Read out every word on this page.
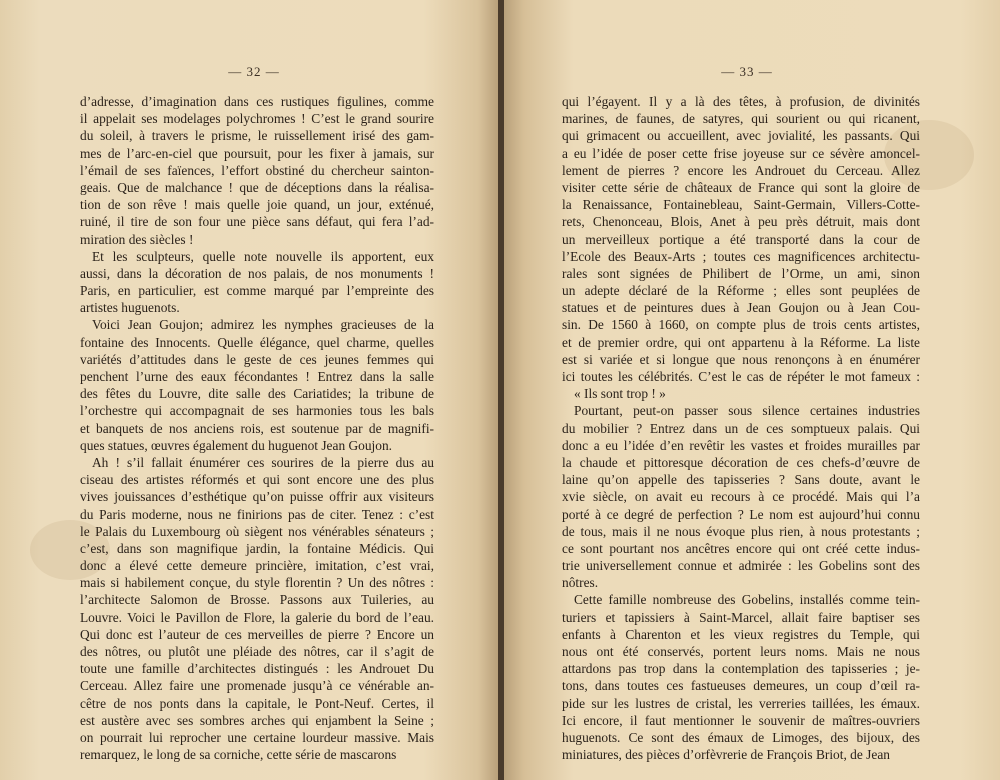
— 32 —
d’adresse, d’imagination dans ces rustiques figulines, comme
il appelait ses modelages polychromes ! C’est le grand sourire
du soleil, à travers le prisme, le ruissellement irisé des gam-
mes de l’arc-en-ciel que poursuit, pour les fixer à jamais, sur
l’émail de ses faïences, l’effort obstiné du chercheur sainton-
geais. Que de malchance ! que de déceptions dans la réalisa-
tion de son rêve ! mais quelle joie quand, un jour, exténué,
ruiné, il tire de son four une pièce sans défaut, qui fera l’ad-
miration des siècles !
Et les sculpteurs, quelle note nouvelle ils apportent, eux
aussi, dans la décoration de nos palais, de nos monuments !
Paris, en particulier, est comme marqué par l’empreinte des
artistes huguenots.
Voici Jean Goujon; admirez les nymphes gracieuses de la
fontaine des Innocents. Quelle élégance, quel charme, quelles
variétés d’attitudes dans le geste de ces jeunes femmes qui
penchent l’urne des eaux fécondantes ! Entrez dans la salle
des fêtes du Louvre, dite salle des Cariatides; la tribune de
l’orchestre qui accompagnait de ses harmonies tous les bals
et banquets de nos anciens rois, est soutenue par de magnifi-
ques statues, œuvres également du huguenot Jean Goujon.
Ah ! s’il fallait énumérer ces sourires de la pierre dus au
ciseau des artistes réformés et qui sont encore une des plus
vives jouissances d’esthétique qu’on puisse offrir aux visiteurs
du Paris moderne, nous ne finirions pas de citer. Tenez : c’est
le Palais du Luxembourg où siègent nos vénérables sénateurs ;
c’est, dans son magnifique jardin, la fontaine Médicis. Qui
donc a élevé cette demeure princière, imitation, c’est vrai,
mais si habilement conçue, du style florentin ? Un des nôtres :
l’architecte Salomon de Brosse. Passons aux Tuileries, au
Louvre. Voici le Pavillon de Flore, la galerie du bord de l’eau.
Qui donc est l’auteur de ces merveilles de pierre ? Encore un
des nôtres, ou plutôt une pléiade des nôtres, car il s’agit de
toute une famille d’architectes distingués : les Androuet Du
Cerceau. Allez faire une promenade jusqu’à ce vénérable an-
cêtre de nos ponts dans la capitale, le Pont-Neuf. Certes, il
est austère avec ses sombres arches qui enjambent la Seine ;
on pourrait lui reprocher une certaine lourdeur massive. Mais
remarquez, le long de sa corniche, cette série de mascarons
— 33 —
qui l’égayent. Il y a là des têtes, à profusion, de divinités
marines, de faunes, de satyres, qui sourient ou qui ricanent,
qui grimacent ou accueillent, avec jovialité, les passants. Qui
a eu l’idée de poser cette frise joyeuse sur ce sévère amoncel-
lement de pierres ? encore les Androuet du Cerceau. Allez
visiter cette série de châteaux de France qui sont la gloire de
la Renaissance, Fontainebleau, Saint-Germain, Villers-Cotte-
rets, Chenonceau, Blois, Anet à peu près détruit, mais dont
un merveilleux portique a été transporté dans la cour de
l’Ecole des Beaux-Arts ; toutes ces magnificences architectu-
rales sont signées de Philibert de l’Orme, un ami, sinon
un adepte déclaré de la Réforme ; elles sont peuplées de
statues et de peintures dues à Jean Goujon ou à Jean Cou-
sin. De 1560 à 1660, on compte plus de trois cents artistes,
et de premier ordre, qui ont appartenu à la Réforme. La liste
est si variée et si longue que nous renonçons à en énumérer
ici toutes les célébrités. C’est le cas de répéter le mot fameux :
« Ils sont trop ! »
Pourtant, peut-on passer sous silence certaines industries
du mobilier ? Entrez dans un de ces somptueux palais. Qui
donc a eu l’idée d’en revêtir les vastes et froides murailles par
la chaude et pittoresque décoration de ces chefs-d’œuvre de
laine qu’on appelle des tapisseries ? Sans doute, avant le
xvie siècle, on avait eu recours à ce procédé. Mais qui l’a
porté à ce degré de perfection ? Le nom est aujourd’hui connu
de tous, mais il ne nous évoque plus rien, à nous protestants ;
ce sont pourtant nos ancêtres encore qui ont créé cette indus-
trie universellement connue et admirée : les Gobelins sont des
nôtres.
Cette famille nombreuse des Gobelins, installés comme tein-
turiers et tapissiers à Saint-Marcel, allait faire baptiser ses
enfants à Charenton et les vieux registres du Temple, qui
nous ont été conservés, portent leurs noms. Mais ne nous
attardons pas trop dans la contemplation des tapisseries ; je-
tons, dans toutes ces fastueuses demeures, un coup d’œil ra-
pide sur les lustres de cristal, les verreries taillées, les émaux.
Ici encore, il faut mentionner le souvenir de maîtres-ouvriers
huguenots. Ce sont des émaux de Limoges, des bijoux, des
miniatures, des pièces d’orfèvrerie de François Briot, de Jean
